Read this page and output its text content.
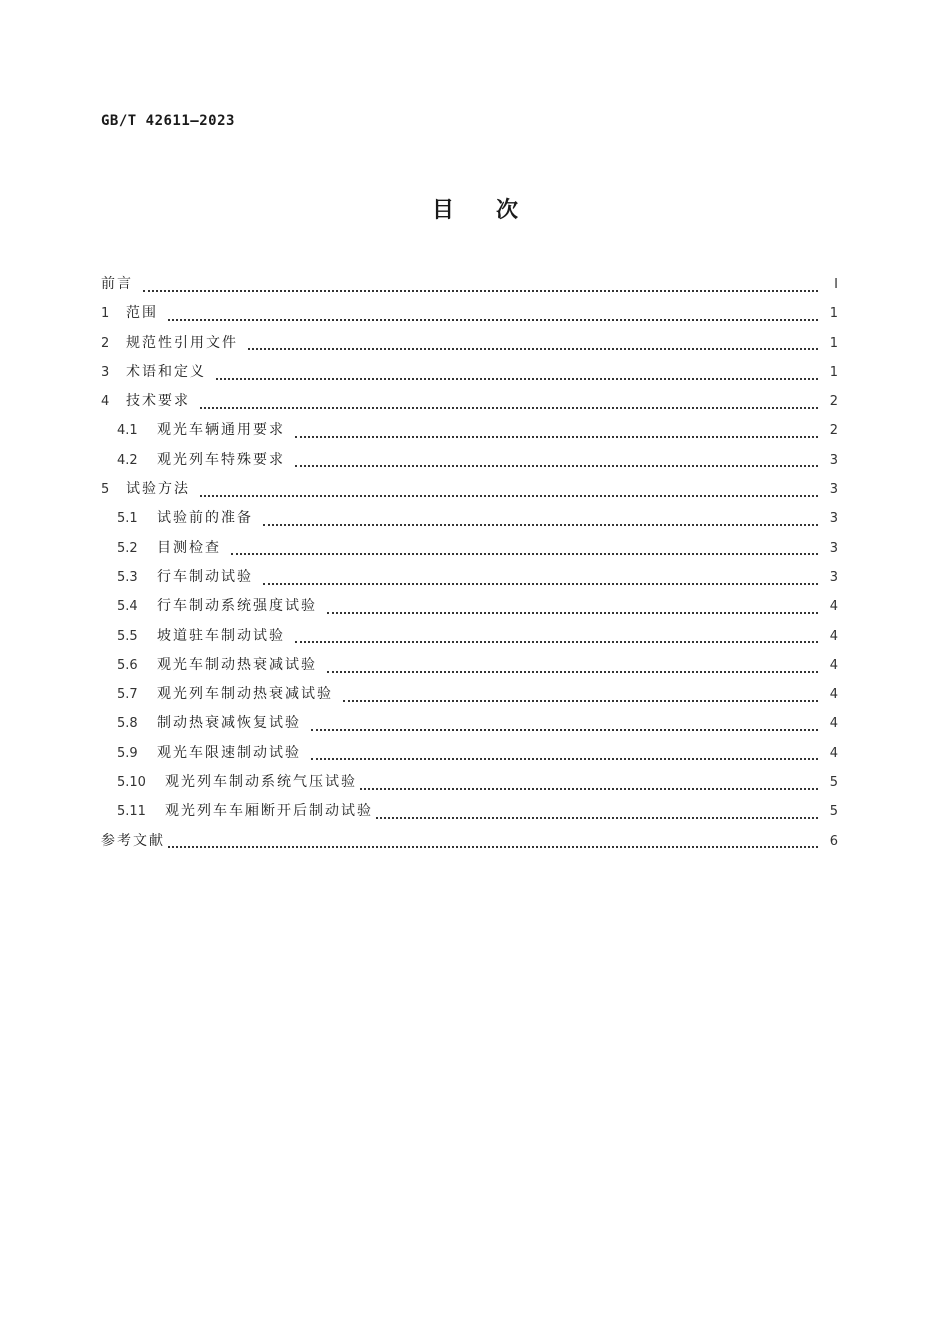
GB/T 42611—2023
目次
前言	Ⅰ
1	范围	1
2	规范性引用文件	1
3	术语和定义	1
4	技术要求	2
4.1	观光车辆通用要求	2
4.2	观光列车特殊要求	3
5	试验方法	3
5.1	试验前的准备	3
5.2	目测检查	3
5.3	行车制动试验	3
5.4	行车制动系统强度试验	4
5.5	坡道驻车制动试验	4
5.6	观光车制动热衰减试验	4
5.7	观光列车制动热衰减试验	4
5.8	制动热衰减恢复试验	4
5.9	观光车限速制动试验	4
5.10	观光列车制动系统气压试验	5
5.11	观光列车车厢断开后制动试验	5
参考文献	6
